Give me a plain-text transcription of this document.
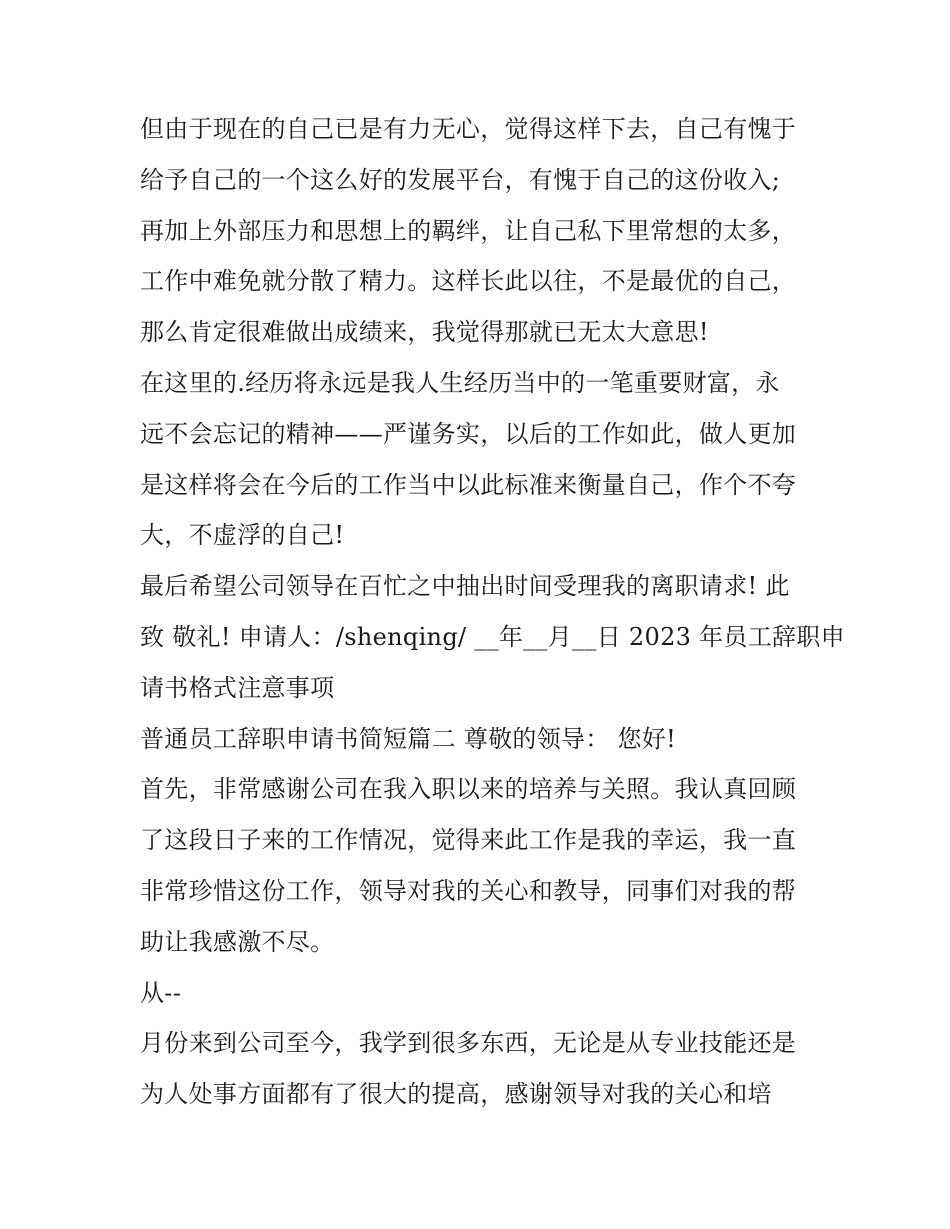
但由于现在的自己已是有力无心，觉得这样下去，自己有愧于
给予自己的一个这么好的发展平台，有愧于自己的这份收入;
再加上外部压力和思想上的羁绊，让自己私下里常想的太多，
工作中难免就分散了精力。这样长此以往，不是最优的自己，
那么肯定很难做出成绩来，我觉得那就已无太大意思!
在这里的.经历将永远是我人生经历当中的一笔重要财富，永
远不会忘记的精神——严谨务实，以后的工作如此，做人更加
是这样将会在今后的工作当中以此标准来衡量自己，作个不夸
大，不虚浮的自己!
最后希望公司领导在百忙之中抽出时间受理我的离职请求! 此
致 敬礼! 申请人：/shenqing/ __年__月__日 2023 年员工辞职申
请书格式注意事项
普通员工辞职申请书简短篇二 尊敬的领导： 您好!
首先，非常感谢公司在我入职以来的培养与关照。我认真回顾
了这段日子来的工作情况，觉得来此工作是我的幸运，我一直
非常珍惜这份工作，领导对我的关心和教导，同事们对我的帮
助让我感激不尽。
从--
月份来到公司至今，我学到很多东西，无论是从专业技能还是
为人处事方面都有了很大的提高，感谢领导对我的关心和培
